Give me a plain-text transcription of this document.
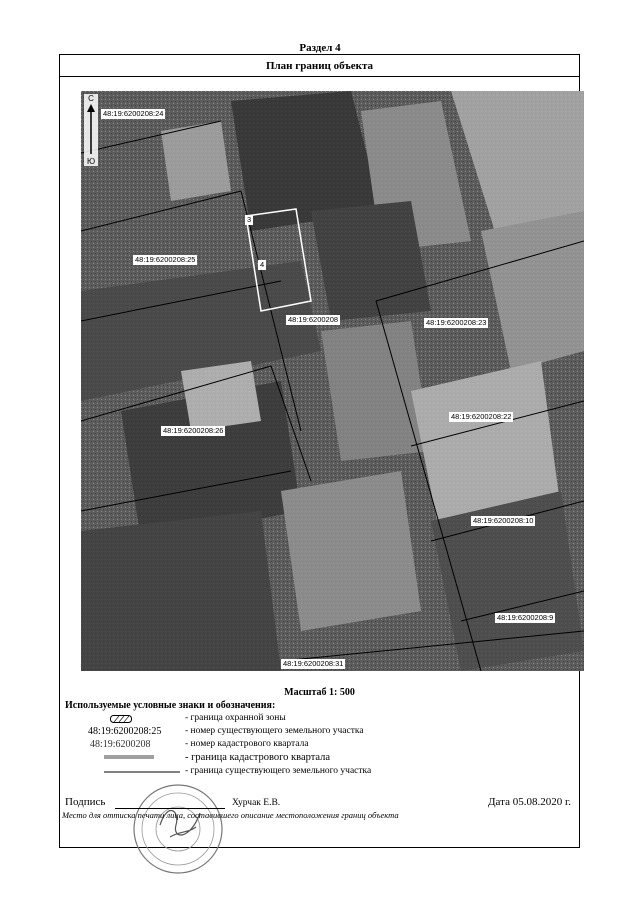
Раздел 4
План границ объекта
С
Ю
48:19:6200208:24
48:19:6200208:25
48:19:6200208	48:19:6200208:23
48:19:6200208:26
48:19:6200208:22
48:19:6200208:10
48:19:6200208:9
48:19:6200208:31
3
4
Масштаб 1: 500
Используемые условные знаки и обозначения:
- граница охранной зоны
48:19:6200208:25 - номер существующего земельного участка
48:19:6200208	- номер кадастрового квартала
- граница кадастрового квартала
- граница существующего земельного участка
Подпись	Хурчак Е.В.	Дата 05.08.2020 г.
Место для оттиска печати лица, составившего описание местоположения границ объекта
